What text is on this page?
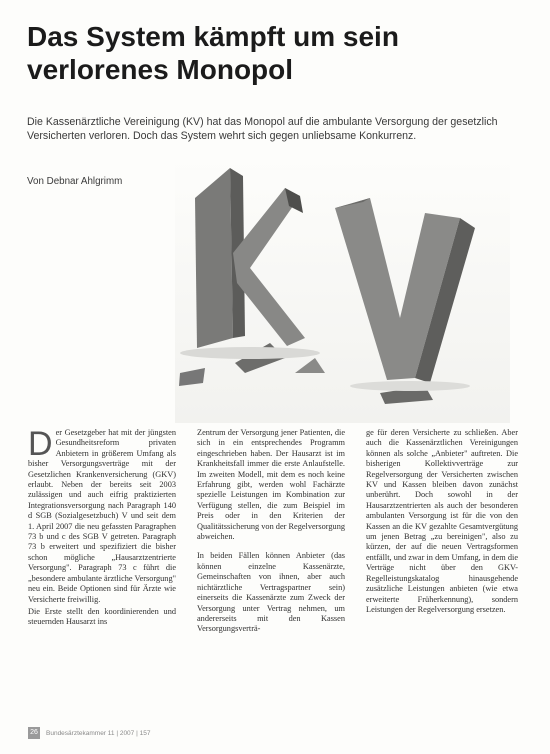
Das System kämpft um sein verlorenes Monopol

Die Kassenärztliche Vereinigung (KV) hat das Monopol auf die ambulante Versorgung der gesetzlich Versicherten verloren. Doch das System wehrt sich gegen unliebsame Konkurrenz.

Von Debnar Ahlgrimm
KV

Der Gesetzgeber hat mit der jüngsten Gesundheitsreform privaten Anbietern in größerem Umfang als bisher Versorgungsverträge mit der Gesetzlichen Krankenversicherung (GKV) erlaubt. Neben der bereits seit 2003 zulässigen und auch eifrig praktizierten Integrationsversorgung nach Paragraph 140 d SGB (Sozialgesetzbuch) V und seit dem 1. April 2007 die neu gefassten Paragraphen 73 b und c des SGB V getreten. Paragraph 73 b erweitert und spezifiziert die bisher schon mögliche „Hausarztzentrierte Versorgung". Paragraph 73 c führt die „besondere ambulante ärztliche Versorgung" neu ein. Beide Optionen sind für Ärzte wie Versicherte freiwillig.

Die Erste stellt den koordinierenden und steuernden Hausarzt ins

Zentrum der Versorgung jener Patienten, die sich in ein entsprechendes Programm eingeschrieben haben. Der Hausarzt ist im Krankheitsfall immer die erste Anlaufstelle. Im zweiten Modell, mit dem es noch keine Erfahrung gibt, werden wohl Fachärzte spezielle Leistungen im Kombination zur Verfügung stellen, die zum Beispiel im Preis oder in den Kriterien der Qualitätssicherung von der Regelversorgung abweichen.

In beiden Fällen können Anbieter (das können einzelne Kassenärzte, Gemeinschaften von ihnen, aber auch nichtärztliche Vertragspartner sein) einerseits die Kassenärzte zum Zweck der Versorgung unter Vertrag nehmen, um andererseits mit den Kassen Versorgungsverträ-

ge für deren Versicherte zu schließen. Aber auch die Kassenärztlichen Vereinigungen können als solche „Anbieter" auftreten. Die bisherigen Kollektivverträge zur Regelversorgung der Versicherten zwischen KV und Kassen bleiben davon zunächst unberührt. Doch sowohl in der Hausarztzentrierten als auch der besonderen ambulanten Versorgung ist für die von den Kassen an die KV gezahlte Gesamtvergütung um jenen Betrag „zu bereinigen", also zu kürzen, der auf die neuen Vertragsformen entfällt, und zwar in dem Umfang, in dem die Verträge nicht über den GKV-Regelleistungskatalog hinausgehende zusätzliche Leistungen anbieten (wie etwa erweiterte Früherkennung), sondern Leistungen der Regelversorgung ersetzen.

26	Bundesärztekammer 11 | 2007 | 157
